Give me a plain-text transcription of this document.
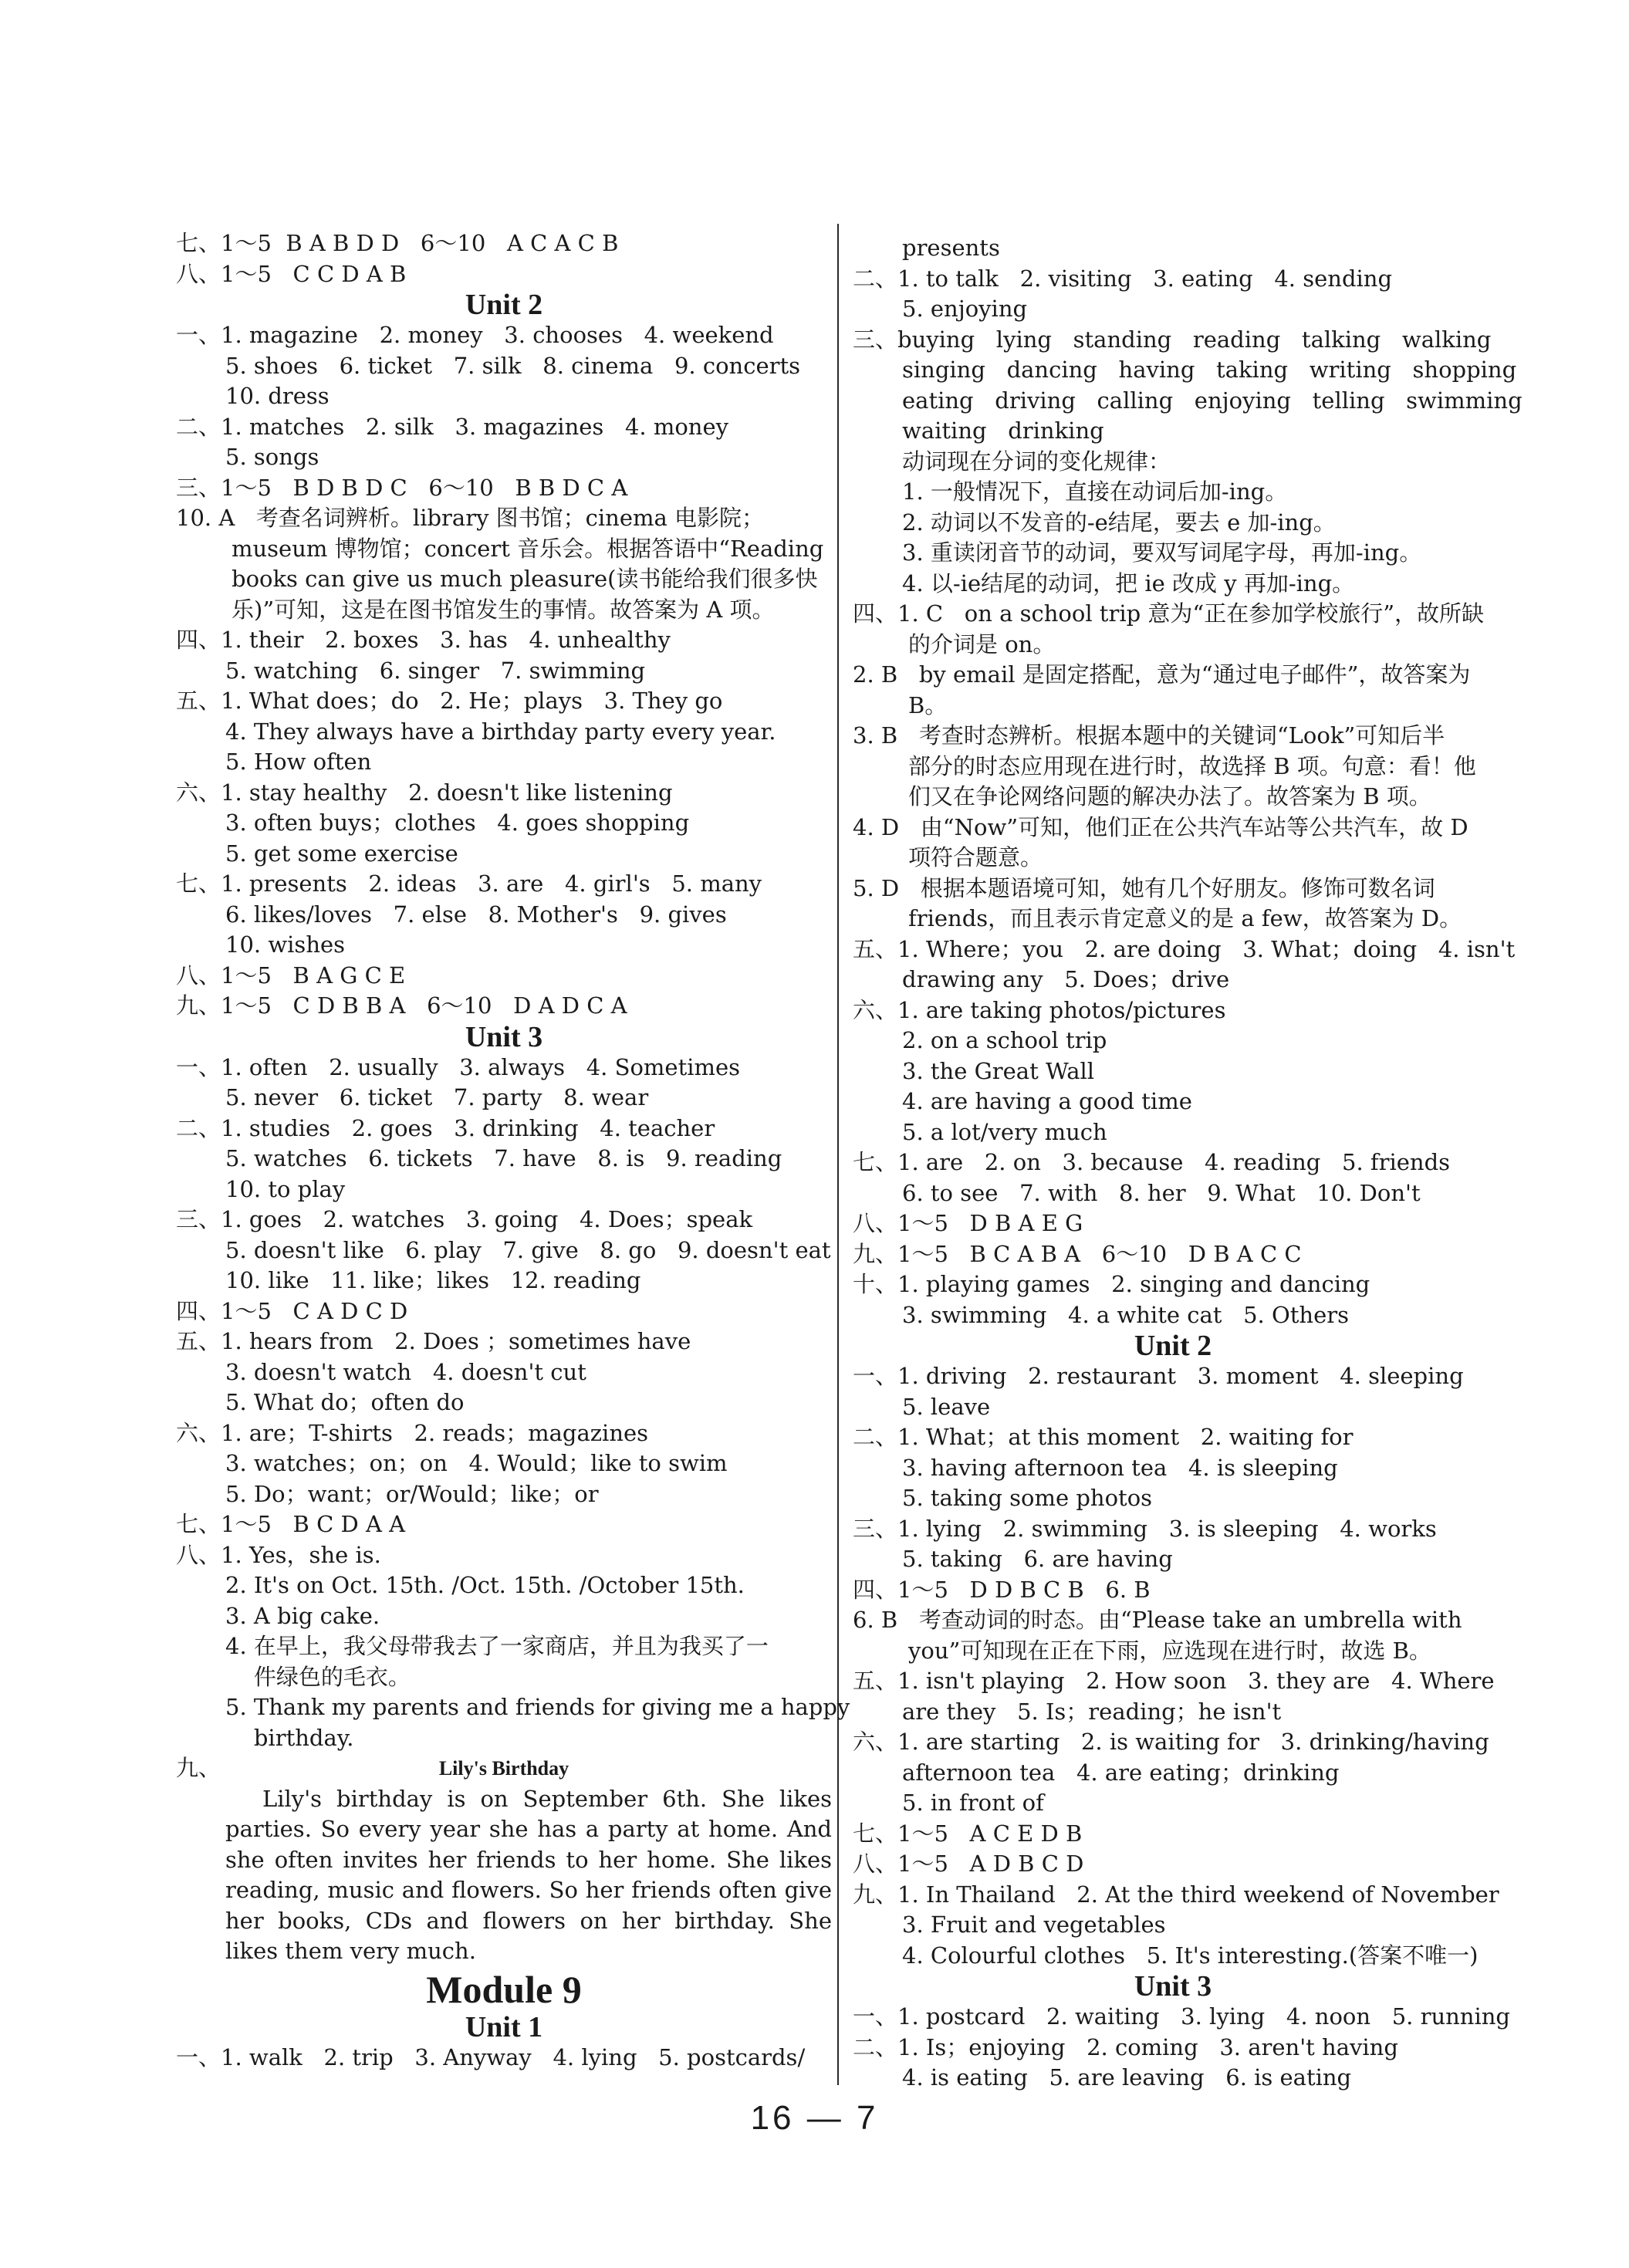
七、1～5  B A B D D   6～10   A C A C B
八、1～5   C C D A B
Unit 2
一、1. magazine   2. money   3. chooses   4. weekend
5. shoes   6. ticket   7. silk   8. cinema   9. concerts
10. dress
二、1. matches   2. silk   3. magazines   4. money
5. songs
三、1～5   B D B D C   6～10   B B D C A
10. A   考查名词辨析。library 图书馆；cinema 电影院；
museum 博物馆；concert 音乐会。根据答语中“Reading
books can give us much pleasure(读书能给我们很多快
乐)”可知，这是在图书馆发生的事情。故答案为 A 项。
四、1. their   2. boxes   3. has   4. unhealthy
5. watching   6. singer   7. swimming
五、1. What does；do   2. He；plays   3. They go
4. They always have a birthday party every year.
5. How often
六、1. stay healthy   2. doesn't like listening
3. often buys；clothes   4. goes shopping
5. get some exercise
七、1. presents   2. ideas   3. are   4. girl's   5. many
6. likes/loves   7. else   8. Mother's   9. gives
10. wishes
八、1～5   B A G C E
九、1～5   C D B B A   6～10   D A D C A
Unit 3
一、1. often   2. usually   3. always   4. Sometimes
5. never   6. ticket   7. party   8. wear
二、1. studies   2. goes   3. drinking   4. teacher
5. watches   6. tickets   7. have   8. is   9. reading
10. to play
三、1. goes   2. watches   3. going   4. Does；speak
5. doesn't like   6. play   7. give   8. go   9. doesn't eat
10. like   11. like；likes   12. reading
四、1～5   C A D C D
五、1. hears from   2. Does ；sometimes have
3. doesn't watch   4. doesn't cut
5. What do；often do
六、1. are；T-shirts   2. reads；magazines
3. watches；on；on   4. Would；like to swim
5. Do；want；or/Would；like；or
七、1～5   B C D A A
八、1. Yes，she is.
2. It's on Oct. 15th. /Oct. 15th. /October 15th.
3. A big cake.
4. 在早上，我父母带我去了一家商店，并且为我买了一
件绿色的毛衣。
5. Thank my parents and friends for giving me a happy
birthday.
九、	Lily's Birthday
Lily's birthday is on September 6th. She likes parties. So every year she has a party at home. And she often invites her friends to her home. She likes reading, music and flowers. So her friends often give her books, CDs and flowers on her birthday. She likes them very much.
Module 9
Unit 1
一、1. walk   2. trip   3. Anyway   4. lying   5. postcards/
presents
二、1. to talk   2. visiting   3. eating   4. sending
5. enjoying
三、buying   lying   standing   reading   talking   walking
singing   dancing   having   taking   writing   shopping
eating   driving   calling   enjoying   telling   swimming
waiting   drinking
动词现在分词的变化规律：
1. 一般情况下，直接在动词后加-ing。
2. 动词以不发音的-e结尾，要去 e 加-ing。
3. 重读闭音节的动词，要双写词尾字母，再加-ing。
4. 以-ie结尾的动词，把 ie 改成 y 再加-ing。
四、1. C   on a school trip 意为“正在参加学校旅行”，故所缺
的介词是 on。
2. B   by email 是固定搭配，意为“通过电子邮件”，故答案为
B。
3. B   考查时态辨析。根据本题中的关键词“Look”可知后半
部分的时态应用现在进行时，故选择 B 项。句意：看！他
们又在争论网络问题的解决办法了。故答案为 B 项。
4. D   由“Now”可知，他们正在公共汽车站等公共汽车，故 D
项符合题意。
5. D   根据本题语境可知，她有几个好朋友。修饰可数名词
friends，而且表示肯定意义的是 a few，故答案为 D。
五、1. Where；you   2. are doing   3. What；doing   4. isn't
drawing any   5. Does；drive
六、1. are taking photos/pictures
2. on a school trip
3. the Great Wall
4. are having a good time
5. a lot/very much
七、1. are   2. on   3. because   4. reading   5. friends
6. to see   7. with   8. her   9. What   10. Don't
八、1～5   D B A E G
九、1～5   B C A B A   6～10   D B A C C
十、1. playing games   2. singing and dancing
3. swimming   4. a white cat   5. Others
Unit 2
一、1. driving   2. restaurant   3. moment   4. sleeping
5. leave
二、1. What；at this moment   2. waiting for
3. having afternoon tea   4. is sleeping
5. taking some photos
三、1. lying   2. swimming   3. is sleeping   4. works
5. taking   6. are having
四、1～5   D D B C B   6. B
6. B   考查动词的时态。由“Please take an umbrella with
you”可知现在正在下雨，应选现在进行时，故选 B。
五、1. isn't playing   2. How soon   3. they are   4. Where
are they   5. Is；reading；he isn't
六、1. are starting   2. is waiting for   3. drinking/having
afternoon tea   4. are eating；drinking
5. in front of
七、1～5   A C E D B
八、1～5   A D B C D
九、1. In Thailand   2. At the third weekend of November
3. Fruit and vegetables
4. Colourful clothes   5. It's interesting.(答案不唯一)
Unit 3
一、1. postcard   2. waiting   3. lying   4. noon   5. running
二、1. Is；enjoying   2. coming   3. aren't having
4. is eating   5. are leaving   6. is eating
16 — 7
